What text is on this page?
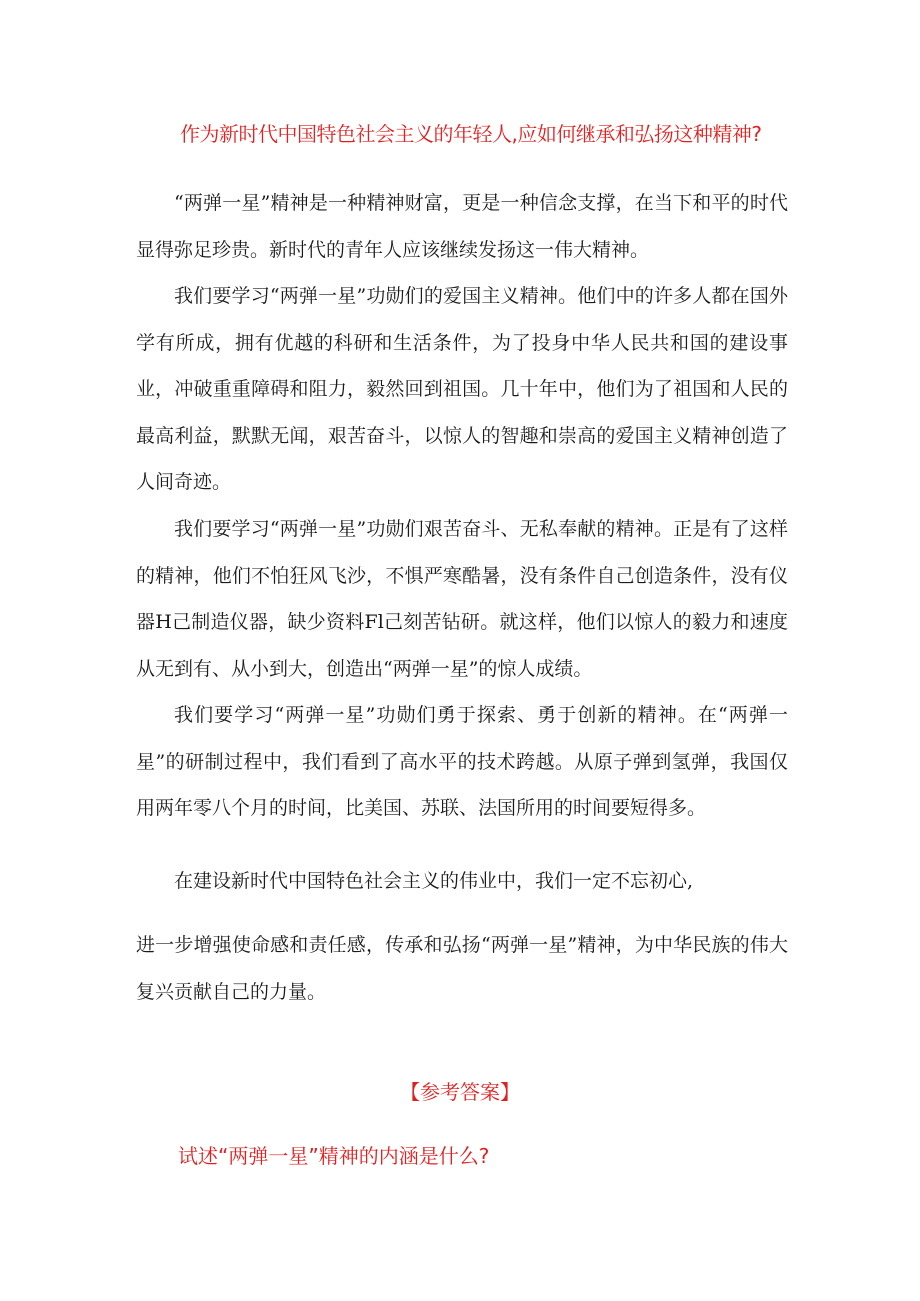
作为新时代中国特色社会主义的年轻人,应如何继承和弘扬这种精神?

“两弹一星”精神是一种精神财富，更是一种信念支撑，在当下和平的时代显得弥足珍贵。新时代的青年人应该继续发扬这一伟大精神。

我们要学习“两弹一星”功勋们的爱国主义精神。他们中的许多人都在国外学有所成，拥有优越的科研和生活条件，为了投身中华人民共和国的建设事业，冲破重重障碍和阻力，毅然回到祖国。几十年中，他们为了祖国和人民的最高利益，默默无闻，艰苦奋斗，以惊人的智趣和崇高的爱国主义精神创造了人间奇迹。

我们要学习“两弹一星”功勋们艰苦奋斗、无私奉献的精神。正是有了这样的精神，他们不怕狂风飞沙，不惧严寒酷暑，没有条件自己创造条件，没有仪器H己制造仪器，缺少资料Fl己刻苦钻研。就这样，他们以惊人的毅力和速度从无到有、从小到大，创造出“两弹一星”的惊人成绩。

我们要学习“两弹一星”功勋们勇于探索、勇于创新的精神。在“两弹一星”的研制过程中，我们看到了高水平的技术跨越。从原子弹到氢弹，我国仅用两年零八个月的时间，比美国、苏联、法国所用的时间要短得多。

在建设新时代中国特色社会主义的伟业中，我们一定不忘初心,

进一步增强使命感和责任感，传承和弘扬“两弹一星”精神，为中华民族的伟大复兴贡献自己的力量。

【参考答案】
试述“两弹一星”精神的内涵是什么?
